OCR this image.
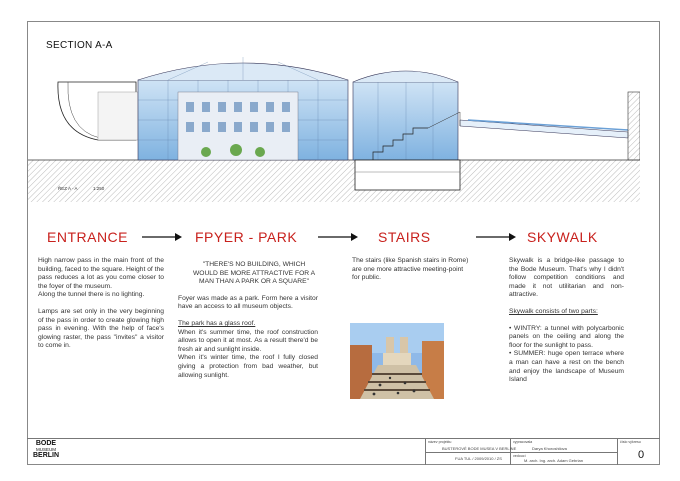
SECTION A-A
ŘEZ A - A	1:250
ENTRANCE	FPYER - PARK	STAIRS	SKYWALK

High narrow pass in the main front of the building, faced to the square. Height of the pass reduces a lot as you come closer to the foyer of the museum.

Along the tunnel there is no lighting.

Lamps are set only in the very beginning of the pass in order to create glowing high pass in evening. With the help of face's glowing raster, the pass "invites" a visitor to come in.

"THERE'S NO BUILDING, WHICH WOULD BE MORE ATTRACTIVE FOR A MAN THAN A PARK OR A SQUARE"

Foyer was made as a park. Form here a visitor have an access to all museum objects.

The park has a glass roof.

When it's summer time, the roof construction allows to open it at most. As a result there'd be fresh air and sunlight inside.

When it's winter time, the roof I fully closed giving a protection from bad weather, but allowing sunlight.

The stairs (like Spanish stairs in Rome) are one more attractive meeting-point for public.

Skywalk is a bridge-like passage to the Bode Museum. That's why I didn't follow competition conditions and made it not utilitarian and non-attractive.

Skywalk consists of two parts:

• WINTRY: a tunnel with polycarbonic panels on the ceiling and along the floor for the sunlight to pass.

• SUMMER: huge open terrace where a man can have a rest on the bench and enjoy the landscape of Museum Island

BODE
MUSEUM
BERLIN
název projektu
BUSTEROVÉ BODE MUSEA V BERLINE
FUA TUL / 2009/2010 / ZS
vypracovala
Darya Khoroshilova
vedoucí
M. arch. Ing. arch. Adam Gebrian
číslo výkresu
0
